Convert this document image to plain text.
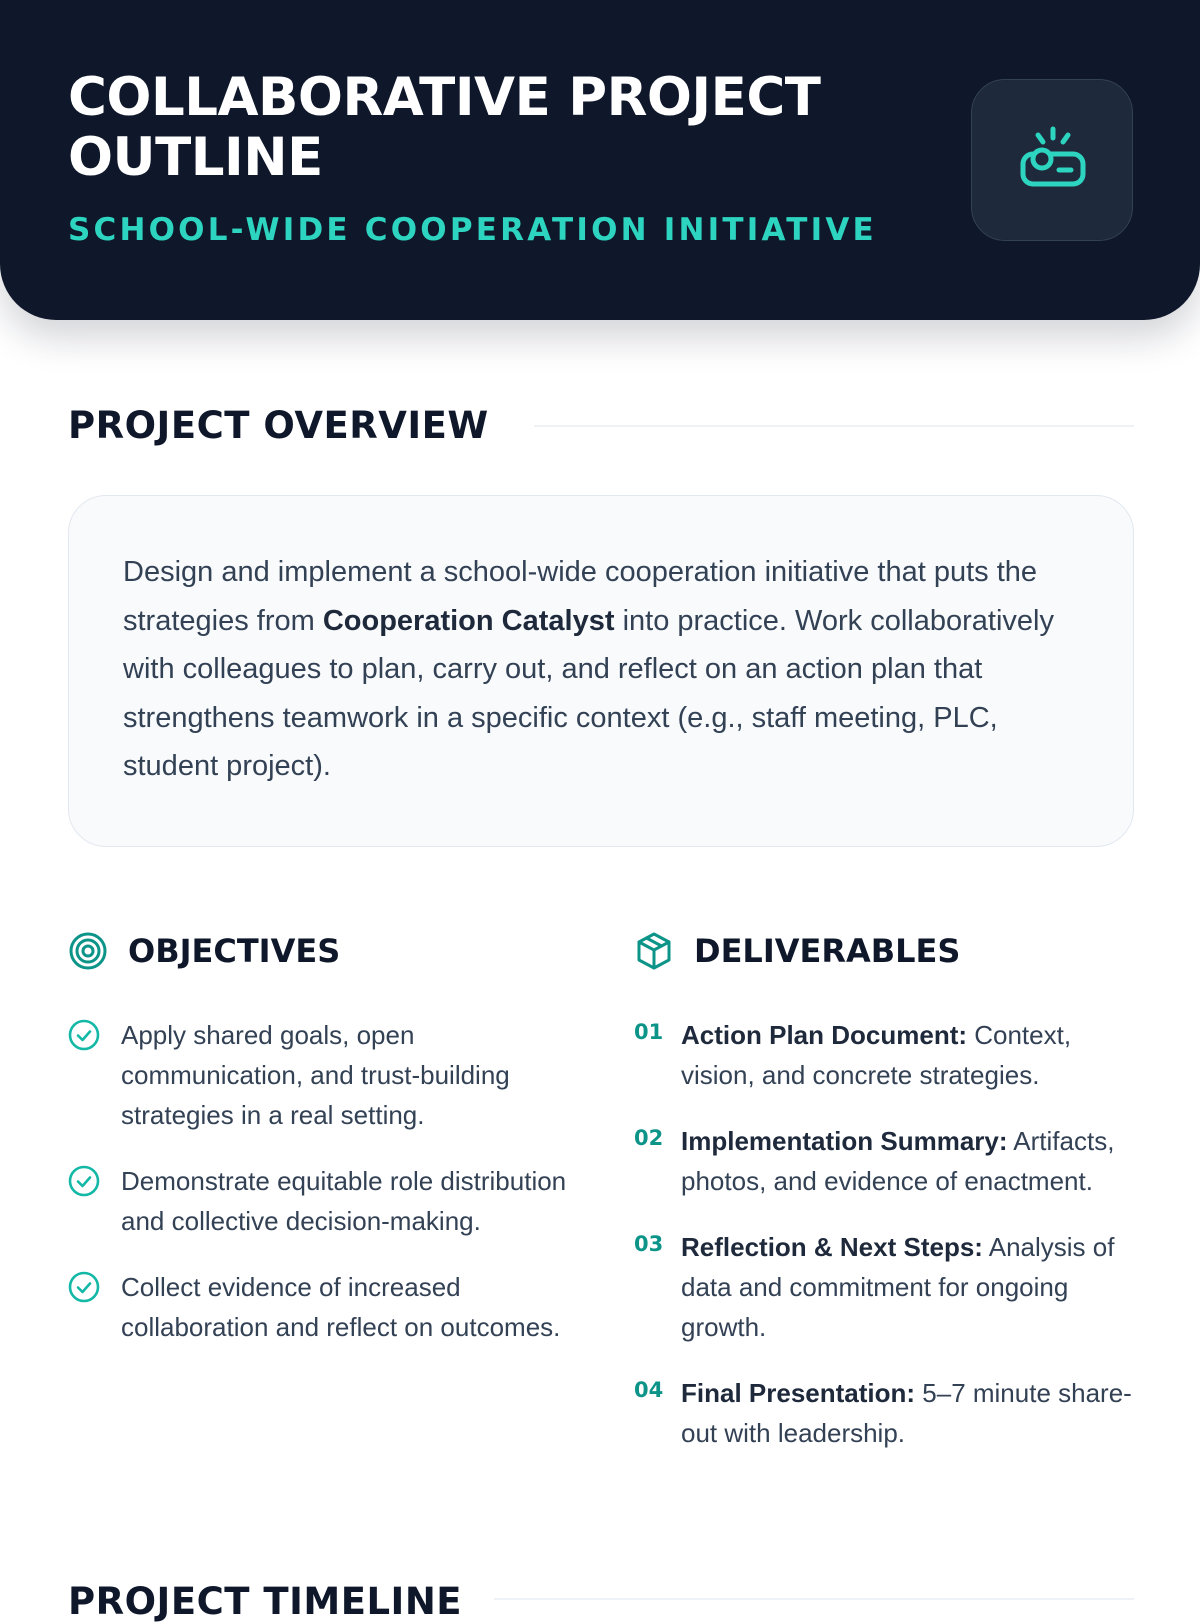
COLLABORATIVE PROJECT OUTLINE
SCHOOL-WIDE COOPERATION INITIATIVE
PROJECT OVERVIEW

Design and implement a school-wide cooperation initiative that puts the strategies from Cooperation Catalyst into practice. Work collaboratively with colleagues to plan, carry out, and reflect on an action plan that strengthens teamwork in a specific context (e.g., staff meeting, PLC, student project).

OBJECTIVES
Apply shared goals, open communication, and trust-building strategies in a real setting.
Demonstrate equitable role distribution and collective decision-making.
Collect evidence of increased collaboration and reflect on outcomes.
DELIVERABLES
01 Action Plan Document: Context, vision, and concrete strategies.
02 Implementation Summary: Artifacts, photos, and evidence of enactment.
03 Reflection & Next Steps: Analysis of data and commitment for ongoing growth.
04 Final Presentation: 5–7 minute share-out with leadership.
PROJECT TIMELINE
